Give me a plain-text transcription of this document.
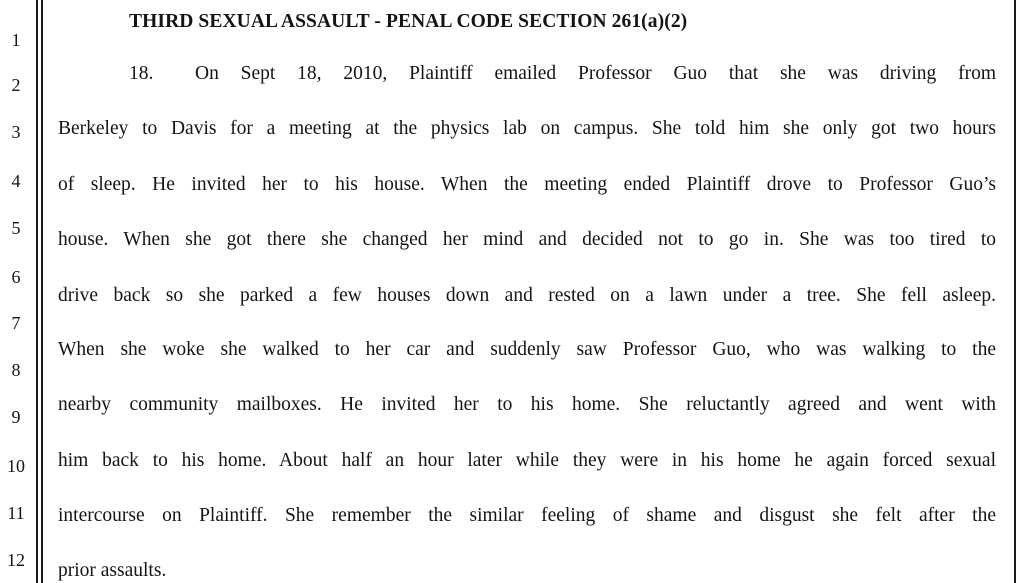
1
2
3
4
5
6
7
8
9
10
11
12
THIRD SEXUAL ASSAULT - PENAL CODE SECTION 261(a)(2)
18. On Sept 18, 2010, Plaintiff emailed Professor Guo that she was driving from
Berkeley to Davis for a meeting at the physics lab on campus. She told him she only got two hours
of sleep. He invited her to his house. When the meeting ended Plaintiff drove to Professor Guo’s
house. When she got there she changed her mind and decided not to go in. She was too tired to
drive back so she parked a few houses down and rested on a lawn under a tree. She fell asleep.
When she woke she walked to her car and suddenly saw Professor Guo, who was walking to the
nearby community mailboxes. He invited her to his home. She reluctantly agreed and went with
him back to his home. About half an hour later while they were in his home he again forced sexual
intercourse on Plaintiff. She remember the similar feeling of shame and disgust she felt after the
prior assaults.
